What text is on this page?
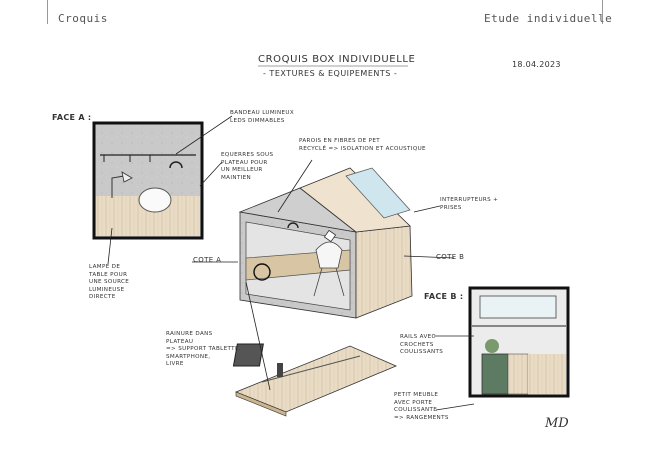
Croquis	Etude individuelle
CROQUIS BOX INDIVIDUELLE
- TEXTURES & EQUIPEMENTS -
18.04.2023
FACE A :
FACE B :
COTE A	COTE B
BANDEAU LUMINEUX
LEDS DIMMABLES
EQUERRES SOUS
PLATEAU POUR
UN MEILLEUR
MAINTIEN
PAROIS EN FIBRES DE PET
RECYCLÉ => ISOLATION ET ACOUSTIQUE
INTERRUPTEURS +
PRISES
LAMPE DE
TABLE POUR
UNE SOURCE
LUMINEUSE
DIRECTE
RAINURE DANS
PLATEAU
=> SUPPORT TABLETTE,
SMARTPHONE,
LIVRE
RAILS AVEC
CROCHETS
COULISSANTS
PETIT MEUBLE
AVEC PORTE
COULISSANTE
=> RANGEMENTS	MD
